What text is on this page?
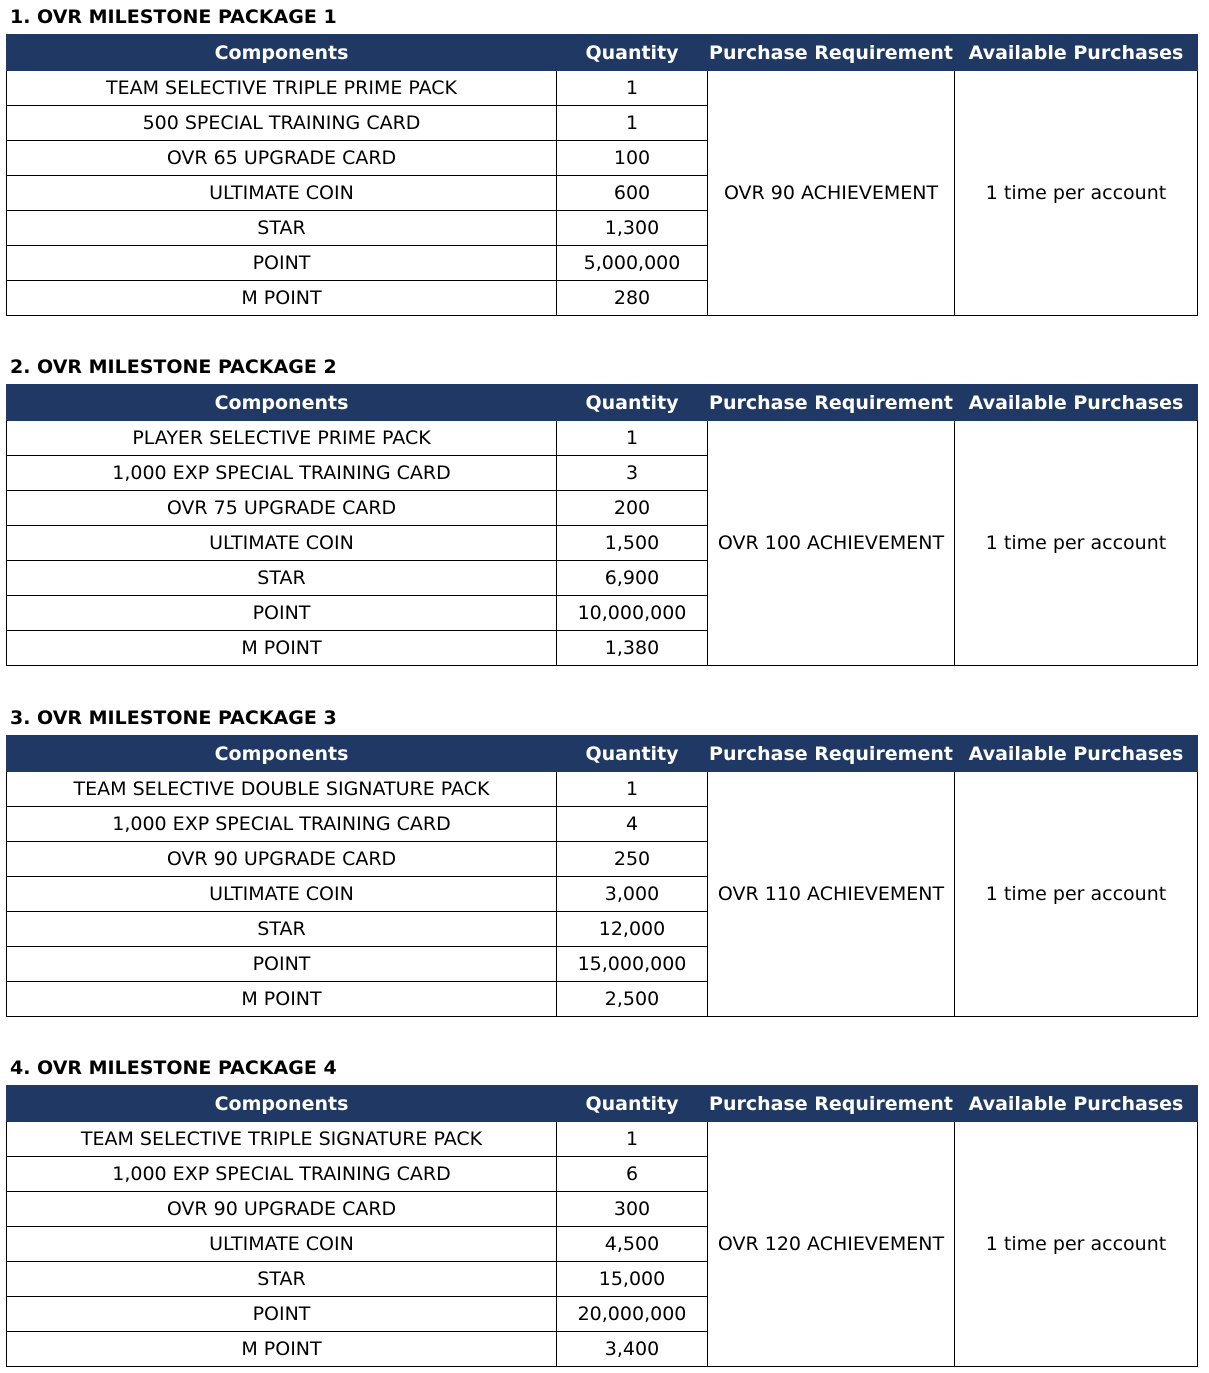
1. OVR MILESTONE PACKAGE 1
Components	Quantity	Purchase Requirement	Available Purchases
TEAM SELECTIVE TRIPLE PRIME PACK	1	OVR 90 ACHIEVEMENT	1 time per account
500 SPECIAL TRAINING CARD	1		
OVR 65 UPGRADE CARD	100		
ULTIMATE COIN	600		
STAR	1,300		
POINT	5,000,000		
M POINT	280		
2. OVR MILESTONE PACKAGE 2
Components	Quantity	Purchase Requirement	Available Purchases
PLAYER SELECTIVE PRIME PACK	1	OVR 100 ACHIEVEMENT	1 time per account
1,000 EXP SPECIAL TRAINING CARD	3		
OVR 75 UPGRADE CARD	200		
ULTIMATE COIN	1,500		
STAR	6,900		
POINT	10,000,000		
M POINT	1,380		
3. OVR MILESTONE PACKAGE 3
Components	Quantity	Purchase Requirement	Available Purchases
TEAM SELECTIVE DOUBLE SIGNATURE PACK	1	OVR 110 ACHIEVEMENT	1 time per account
1,000 EXP SPECIAL TRAINING CARD	4		
OVR 90 UPGRADE CARD	250		
ULTIMATE COIN	3,000		
STAR	12,000		
POINT	15,000,000		
M POINT	2,500		
4. OVR MILESTONE PACKAGE 4
Components	Quantity	Purchase Requirement	Available Purchases
TEAM SELECTIVE TRIPLE SIGNATURE PACK	1	OVR 120 ACHIEVEMENT	1 time per account
1,000 EXP SPECIAL TRAINING CARD	6		
OVR 90 UPGRADE CARD	300		
ULTIMATE COIN	4,500		
STAR	15,000		
POINT	20,000,000		
M POINT	3,400		
